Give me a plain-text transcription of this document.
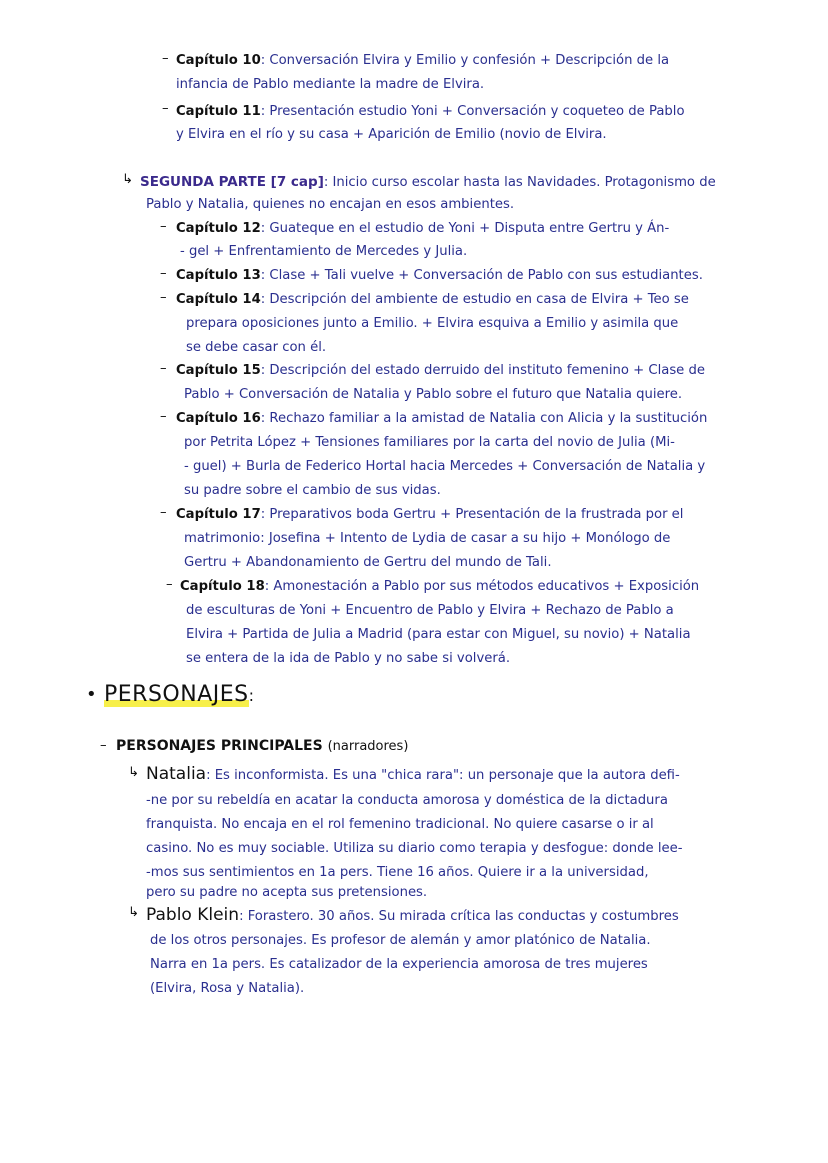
– Capítulo 10: Conversación Elvira y Emilio y confesión + Descripción de la
infancia de Pablo mediante la madre de Elvira.
– Capítulo 11: Presentación estudio Yoni + Conversación y coqueteo de Pablo
y Elvira en el río y su casa + Aparición de Emilio (novio de Elvira.
↳ SEGUNDA PARTE [7 cap]: Inicio curso escolar hasta las Navidades. Protagonismo de
Pablo y Natalia, quienes no encajan en esos ambientes.
– Capítulo 12: Guateque en el estudio de Yoni + Disputa entre Gertru y Án-
- gel + Enfrentamiento de Mercedes y Julia.
– Capítulo 13: Clase + Tali vuelve + Conversación de Pablo con sus estudiantes.
– Capítulo 14: Descripción del ambiente de estudio en casa de Elvira + Teo se
prepara oposiciones junto a Emilio. + Elvira esquiva a Emilio y asimila que
se debe casar con él.
– Capítulo 15: Descripción del estado derruido del instituto femenino + Clase de
Pablo + Conversación de Natalia y Pablo sobre el futuro que Natalia quiere.
– Capítulo 16: Rechazo familiar a la amistad de Natalia con Alicia y la sustitución
por Petrita López + Tensiones familiares por la carta del novio de Julia (Mi-
- guel) + Burla de Federico Hortal hacia Mercedes + Conversación de Natalia y
su padre sobre el cambio de sus vidas.
– Capítulo 17: Preparativos boda Gertru + Presentación de la frustrada por el
matrimonio: Josefina + Intento de Lydia de casar a su hijo + Monólogo de
Gertru + Abandonamiento de Gertru del mundo de Tali.
– Capítulo 18: Amonestación a Pablo por sus métodos educativos + Exposición
de esculturas de Yoni + Encuentro de Pablo y Elvira + Rechazo de Pablo a
Elvira + Partida de Julia a Madrid (para estar con Miguel, su novio) + Natalia
se entera de la ida de Pablo y no sabe si volverá.
• PERSONAJES:
– PERSONAJES PRINCIPALES (narradores)
↳ Natalia: Es inconformista. Es una "chica rara": un personaje que la autora defi-
-ne por su rebeldía en acatar la conducta amorosa y doméstica de la dictadura
franquista. No encaja en el rol femenino tradicional. No quiere casarse o ir al
casino. No es muy sociable. Utiliza su diario como terapia y desfogue: donde lee-
-mos sus sentimientos en 1a pers. Tiene 16 años. Quiere ir a la universidad,
pero su padre no acepta sus pretensiones.
↳ Pablo Klein: Forastero. 30 años. Su mirada crítica las conductas y costumbres
de los otros personajes. Es profesor de alemán y amor platónico de Natalia.
Narra en 1a pers. Es catalizador de la experiencia amorosa de tres mujeres
(Elvira, Rosa y Natalia).
